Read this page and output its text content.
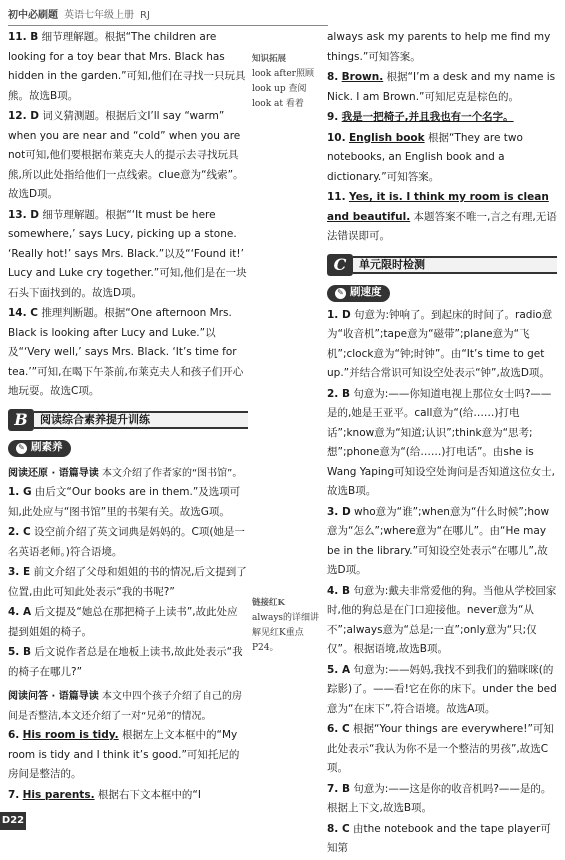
初中必刷题 英语七年级上册 RJ
11. B 细节理解题。根据“The children are looking for a toy bear that Mrs. Black has hidden in the garden.”可知,他们在寻找一只玩具熊。故选B项。
12. D 词义猜测题。根据后文I’ll say “warm” when you are near and “cold” when you are not可知,他们要根据布莱克夫人的提示去寻找玩具熊,所以此处指给他们一点线索。clue意为“线索”。故选D项。
13. D 细节理解题。根据“‘It must be here somewhere,’ says Lucy, picking up a stone. ‘Really hot!’ says Mrs. Black.”以及“‘Found it!’ Lucy and Luke cry together.”可知,他们是在一块石头下面找到的。故选D项。
14. C 推理判断题。根据“One afternoon Mrs. Black is looking after Lucy and Luke.”以及“‘Very well,’ says Mrs. Black. ‘It’s time for tea.’”可知,在喝下午茶前,布莱克夫人和孩子们开心地玩耍。故选C项。
B	阅读综合素养提升训练
✎ 刷素养
阅读还原 · 语篇导读 本文介绍了作者家的“图书馆”。
1. G 由后文“Our books are in them.”及选项可知,此处应与“图书馆”里的书架有关。故选G项。
2. C 设空前介绍了英文词典是妈妈的。C项(她是一名英语老师。)符合语境。
3. E 前文介绍了父母和姐姐的书的情况,后文提到了位置,由此可知此处表示“我的书呢?”
4. A 后文提及“她总在那把椅子上读书”,故此处应提到姐姐的椅子。
5. B 后文说作者总是在地板上读书,故此处表示“我的椅子在哪儿?”
阅读问答 · 语篇导读 本文中四个孩子介绍了自己的房间是否整洁,本文还介绍了一对“兄弟”的情况。
6. His room is tidy. 根据左上文本框中的“My room is tidy and I think it’s good.”可知托尼的房间是整洁的。
7. His parents. 根据右下文本框中的“I
知识拓展
look after照顾 look up 查阅 look at 看着
链接红K
always的详细讲解见红K重点P24。
always ask my parents to help me find my things.”可知答案。
8. Brown. 根据“I’m a desk and my name is Nick. I am Brown.”可知尼克是棕色的。
9. 我是一把椅子,并且我也有一个名字。
10. English book 根据“They are two notebooks, an English book and a dictionary.”可知答案。
11. Yes, it is. I think my room is clean and beautiful. 本题答案不唯一,言之有理,无语法错误即可。
C	单元限时检测
✎ 刷速度
1. D 句意为:钟响了。到起床的时间了。radio意为“收音机”;tape意为“磁带”;plane意为“飞机”;clock意为“钟;时钟”。由“It’s time to get up.”并结合常识可知设空处表示“钟”,故选D项。
2. B 句意为:——你知道电视上那位女士吗?——是的,她是王亚平。call意为“(给……)打电话”;know意为“知道;认识”;think意为“思考;想”;phone意为“(给……)打电话”。由she is Wang Yaping可知设空处询问是否知道这位女士,故选B项。
3. D who意为“谁”;when意为“什么时候”;how意为“怎么”;where意为“在哪儿”。由“He may be in the library.”可知设空处表示“在哪儿”,故选D项。
4. B 句意为:戴夫非常爱他的狗。当他从学校回家时,他的狗总是在门口迎接他。never意为“从不”;always意为“总是;一直”;only意为“只;仅仅”。根据语境,故选B项。
5. A 句意为:——妈妈,我找不到我们的猫咪咪(的踪影)了。——看!它在你的床下。under the bed意为“在床下”,符合语境。故选A项。
6. C 根据“Your things are everywhere!”可知此处表示“我认为你不是一个整洁的男孩”,故选C项。
7. B 句意为:——这是你的收音机吗?——是的。根据上下文,故选B项。
8. C 由the notebook and the tape player可知第
D22
